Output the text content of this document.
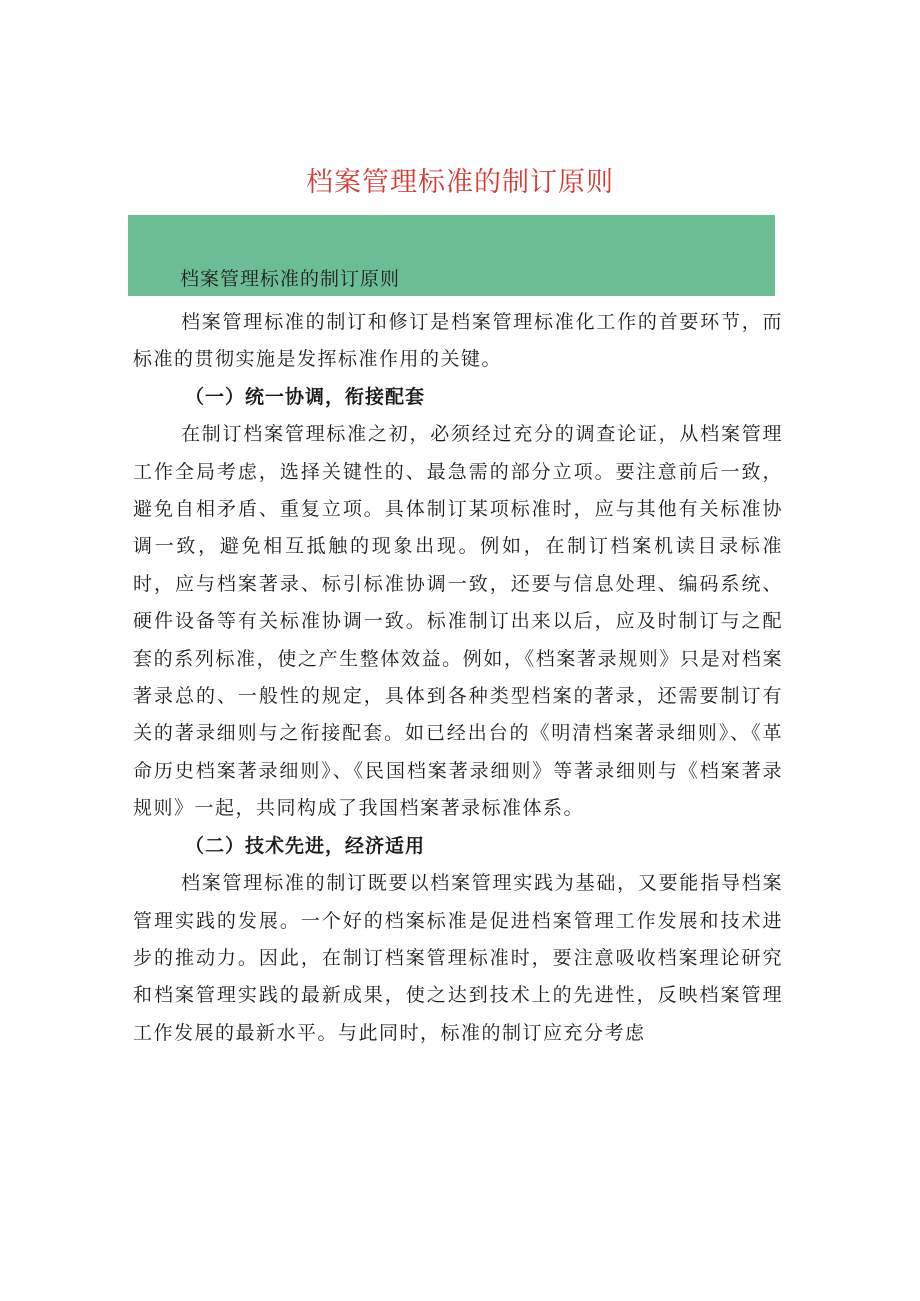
档案管理标准的制订原则
档案管理标准的制订原则

档案管理标准的制订和修订是档案管理标准化工作的首要环节，而标准的贯彻实施是发挥标准作用的关键。

（一）统一协调，衔接配套

在制订档案管理标准之初，必须经过充分的调查论证，从档案管理工作全局考虑，选择关键性的、最急需的部分立项。要注意前后一致，避免自相矛盾、重复立项。具体制订某项标准时，应与其他有关标准协调一致，避免相互抵触的现象出现。例如，在制订档案机读目录标准时，应与档案著录、标引标准协调一致，还要与信息处理、编码系统、硬件设备等有关标准协调一致。标准制订出来以后，应及时制订与之配套的系列标准，使之产生整体效益。例如，《档案著录规则》只是对档案著录总的、一般性的规定，具体到各种类型档案的著录，还需要制订有关的著录细则与之衔接配套。如已经出台的《明清档案著录细则》、《革命历史档案著录细则》、《民国档案著录细则》等著录细则与《档案著录规则》一起，共同构成了我国档案著录标准体系。

（二）技术先进，经济适用

档案管理标准的制订既要以档案管理实践为基础，又要能指导档案管理实践的发展。一个好的档案标准是促进档案管理工作发展和技术进步的推动力。因此，在制订档案管理标准时，要注意吸收档案理论研究和档案管理实践的最新成果，使之达到技术上的先进性，反映档案管理工作发展的最新水平。与此同时，标准的制订应充分考虑
